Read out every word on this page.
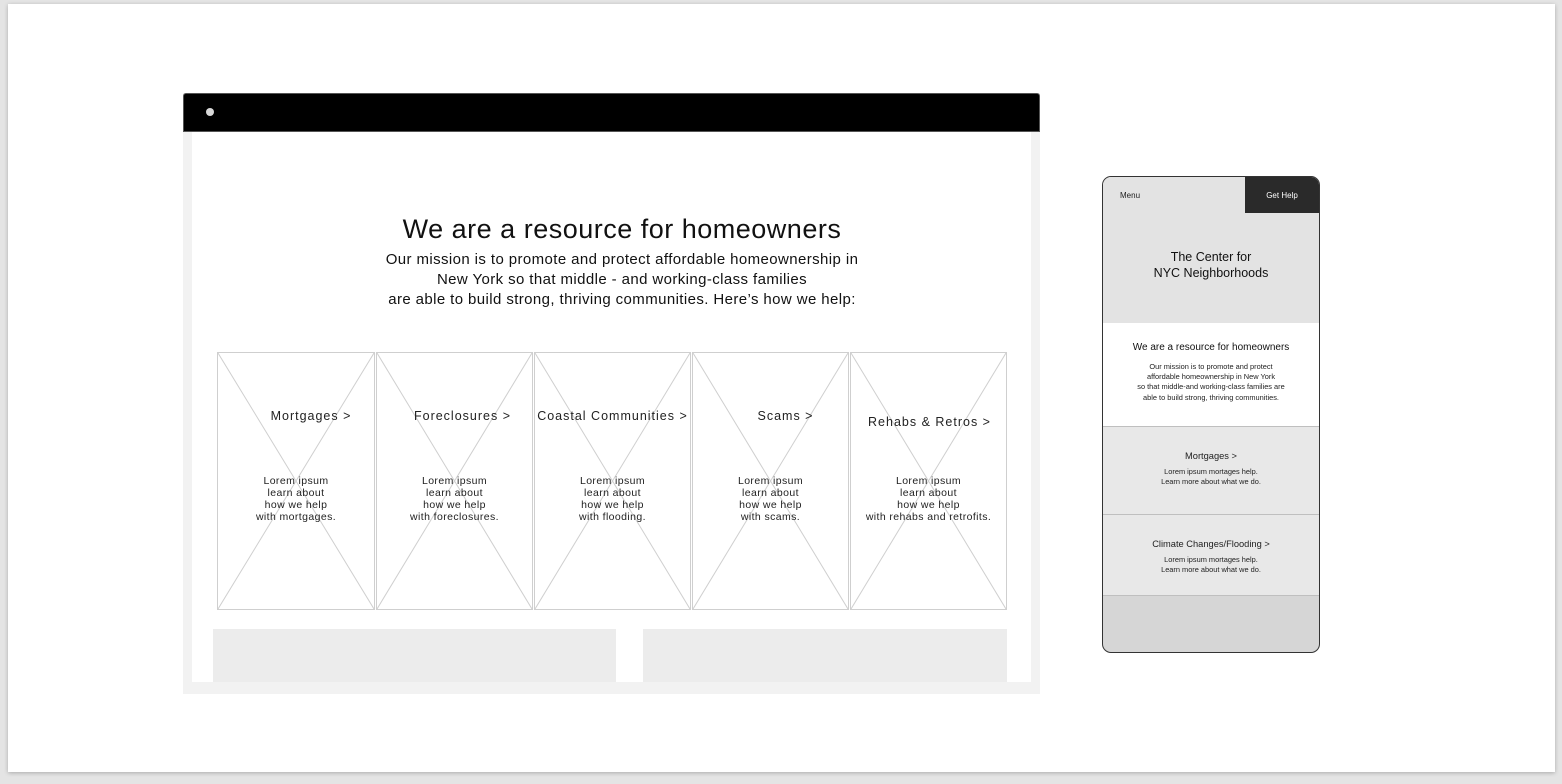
We are a resource for homeowners
Our mission is to promote and protect affordable homeownership in
New York so that middle - and working-class families
are able to build strong, thriving communities. Here’s how we help:
Mortgages >
Lorem ipsum
learn about
how we help
with mortgages.
Foreclosures >
Lorem ipsum
learn about
how we help
with foreclosures.
Coastal Communities >
Lorem ipsum
learn about
how we help
with flooding.
Scams >
Lorem ipsum
learn about
how we help
with scams.
Rehabs & Retros >
Lorem ipsum
learn about
how we help
with rehabs and retrofits.
Menu	Get Help
The Center for
NYC Neighborhoods
We are a resource for homeowners
Our mission is to promote and protect
affordable homeownership in New York
so that middle-and working-class families are
able to build strong, thriving communities.
Mortgages >
Lorem ipsum mortages help.
Learn more about what we do.
Climate Changes/Flooding >
Lorem ipsum mortages help.
Learn more about what we do.
